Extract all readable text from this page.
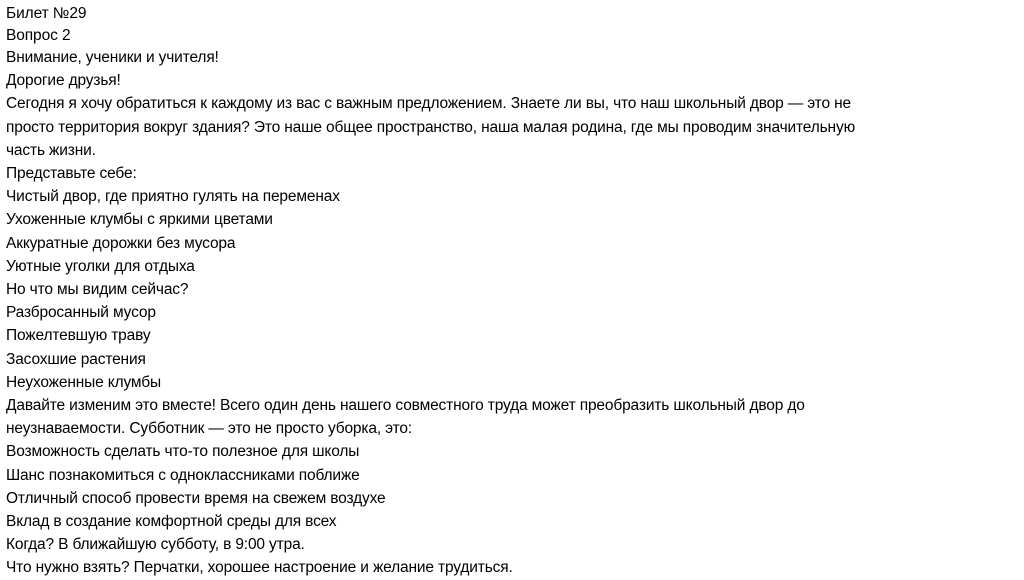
Билет №29
Вопрос 2
Внимание, ученики и учителя!
Дорогие друзья!
Сегодня я хочу обратиться к каждому из вас с важным предложением. Знаете ли вы, что наш школьный двор — это не
просто территория вокруг здания? Это наше общее пространство, наша малая родина, где мы проводим значительную
часть жизни.
Представьте себе:
Чистый двор, где приятно гулять на переменах
Ухоженные клумбы с яркими цветами
Аккуратные дорожки без мусора
Уютные уголки для отдыха
Но что мы видим сейчас?
Разбросанный мусор
Пожелтевшую траву
Засохшие растения
Неухоженные клумбы
Давайте изменим это вместе! Всего один день нашего совместного труда может преобразить школьный двор до
неузнаваемости. Субботник — это не просто уборка, это:
Возможность сделать что-то полезное для школы
Шанс познакомиться с одноклассниками поближе
Отличный способ провести время на свежем воздухе
Вклад в создание комфортной среды для всех
Когда? В ближайшую субботу, в 9:00 утра.
Что нужно взять? Перчатки, хорошее настроение и желание трудиться.
